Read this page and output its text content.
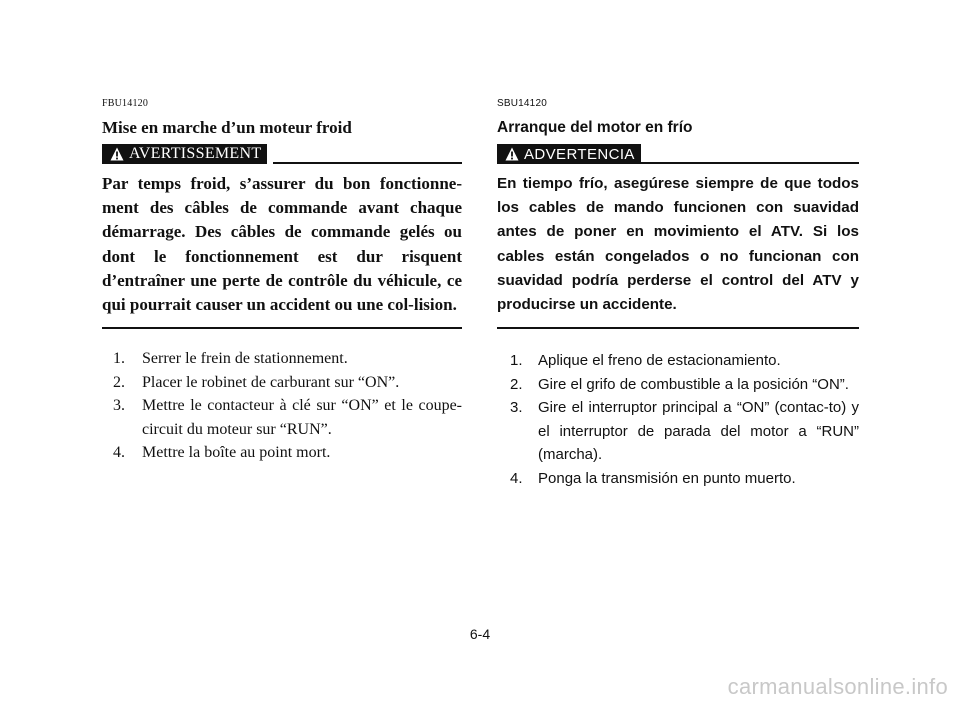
FBU14120
Mise en marche d’un moteur froid
AVERTISSEMENT

Par temps froid, s’assurer du bon fonctionne-ment des câbles de commande avant chaque démarrage. Des câbles de commande gelés ou dont le fonctionnement est dur risquent d’entraîner une perte de contrôle du véhicule, ce qui pourrait causer un accident ou une col-lision.

1.	Serrer le frein de stationnement.
2.	Placer le robinet de carburant sur “ON”.
3.	Mettre le contacteur à clé sur “ON” et le coupe-circuit du moteur sur “RUN”.
4.	Mettre la boîte au point mort.
SBU14120
Arranque del motor en frío
ADVERTENCIA

En tiempo frío, asegúrese siempre de que todos los cables de mando funcionen con suavidad antes de poner en movimiento el ATV. Si los cables están congelados o no funcionan con suavidad podría perderse el control del ATV y producirse un accidente.

1.	Aplique el freno de estacionamiento.
2.	Gire el grifo de combustible a la posición “ON”.
3.	Gire el interruptor principal a “ON” (contac-to) y el interruptor de parada del motor a “RUN” (marcha).
4.	Ponga la transmisión en punto muerto.
6-4
carmanualsonline.info
